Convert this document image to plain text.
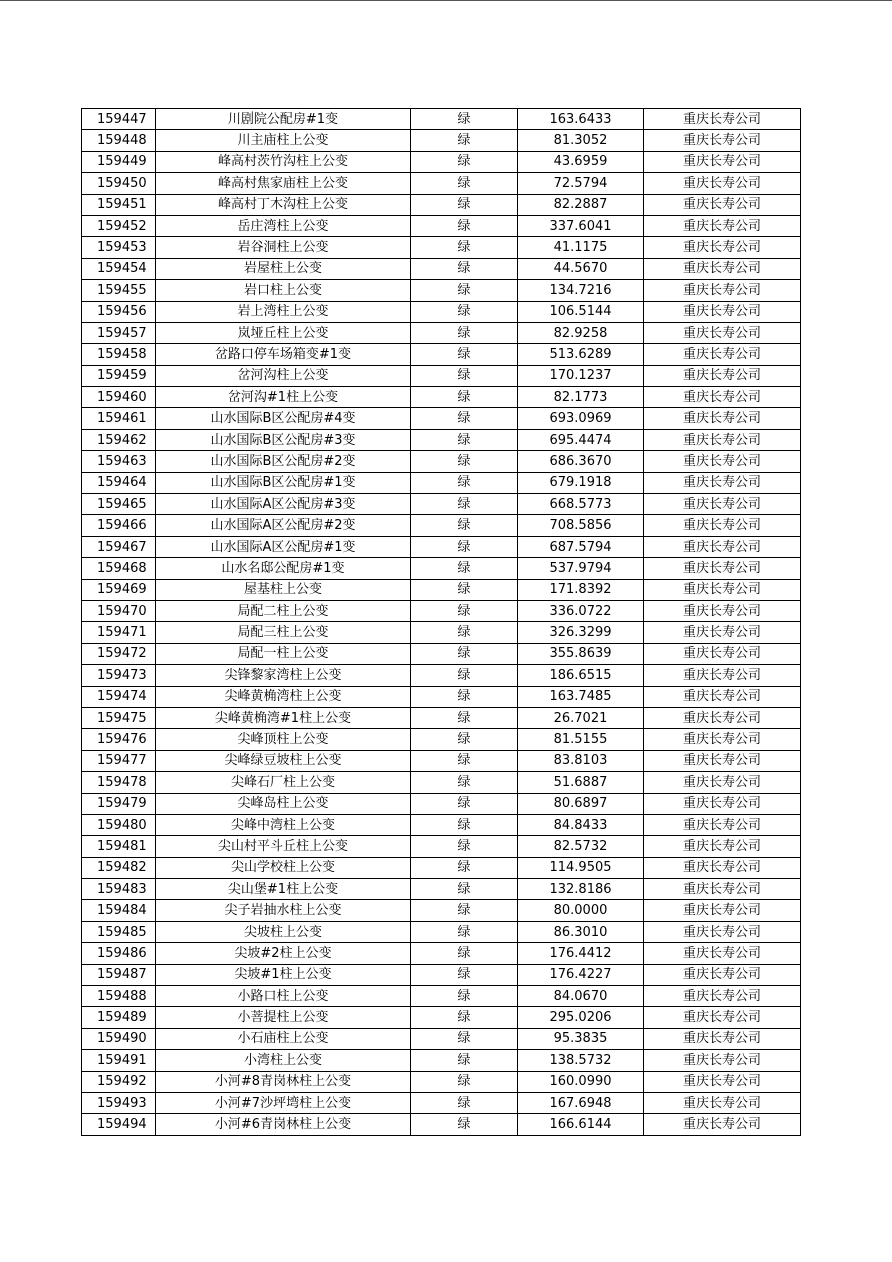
159447	川剧院公配房#1变	绿	163.6433	重庆长寿公司
159448	川主庙柱上公变	绿	81.3052	重庆长寿公司
159449	峰高村茨竹沟柱上公变	绿	43.6959	重庆长寿公司
159450	峰高村焦家庙柱上公变	绿	72.5794	重庆长寿公司
159451	峰高村丁木沟柱上公变	绿	82.2887	重庆长寿公司
159452	岳庄湾柱上公变	绿	337.6041	重庆长寿公司
159453	岩谷洞柱上公变	绿	41.1175	重庆长寿公司
159454	岩屋柱上公变	绿	44.5670	重庆长寿公司
159455	岩口柱上公变	绿	134.7216	重庆长寿公司
159456	岩上湾柱上公变	绿	106.5144	重庆长寿公司
159457	岚垭丘柱上公变	绿	82.9258	重庆长寿公司
159458	岔路口停车场箱变#1变	绿	513.6289	重庆长寿公司
159459	岔河沟柱上公变	绿	170.1237	重庆长寿公司
159460	岔河沟#1柱上公变	绿	82.1773	重庆长寿公司
159461	山水国际B区公配房#4变	绿	693.0969	重庆长寿公司
159462	山水国际B区公配房#3变	绿	695.4474	重庆长寿公司
159463	山水国际B区公配房#2变	绿	686.3670	重庆长寿公司
159464	山水国际B区公配房#1变	绿	679.1918	重庆长寿公司
159465	山水国际A区公配房#3变	绿	668.5773	重庆长寿公司
159466	山水国际A区公配房#2变	绿	708.5856	重庆长寿公司
159467	山水国际A区公配房#1变	绿	687.5794	重庆长寿公司
159468	山水名邸公配房#1变	绿	537.9794	重庆长寿公司
159469	屋基柱上公变	绿	171.8392	重庆长寿公司
159470	局配二柱上公变	绿	336.0722	重庆长寿公司
159471	局配三柱上公变	绿	326.3299	重庆长寿公司
159472	局配一柱上公变	绿	355.8639	重庆长寿公司
159473	尖锋黎家湾柱上公变	绿	186.6515	重庆长寿公司
159474	尖峰黄桷湾柱上公变	绿	163.7485	重庆长寿公司
159475	尖峰黄桷湾#1柱上公变	绿	26.7021	重庆长寿公司
159476	尖峰顶柱上公变	绿	81.5155	重庆长寿公司
159477	尖峰绿豆坡柱上公变	绿	83.8103	重庆长寿公司
159478	尖峰石厂柱上公变	绿	51.6887	重庆长寿公司
159479	尖峰岛柱上公变	绿	80.6897	重庆长寿公司
159480	尖峰中湾柱上公变	绿	84.8433	重庆长寿公司
159481	尖山村平斗丘柱上公变	绿	82.5732	重庆长寿公司
159482	尖山学校柱上公变	绿	114.9505	重庆长寿公司
159483	尖山堡#1柱上公变	绿	132.8186	重庆长寿公司
159484	尖子岩抽水柱上公变	绿	80.0000	重庆长寿公司
159485	尖坡柱上公变	绿	86.3010	重庆长寿公司
159486	尖坡#2柱上公变	绿	176.4412	重庆长寿公司
159487	尖坡#1柱上公变	绿	176.4227	重庆长寿公司
159488	小路口柱上公变	绿	84.0670	重庆长寿公司
159489	小菩提柱上公变	绿	295.0206	重庆长寿公司
159490	小石庙柱上公变	绿	95.3835	重庆长寿公司
159491	小湾柱上公变	绿	138.5732	重庆长寿公司
159492	小河#8青岗林柱上公变	绿	160.0990	重庆长寿公司
159493	小河#7沙坪塆柱上公变	绿	167.6948	重庆长寿公司
159494	小河#6青岗林柱上公变	绿	166.6144	重庆长寿公司
